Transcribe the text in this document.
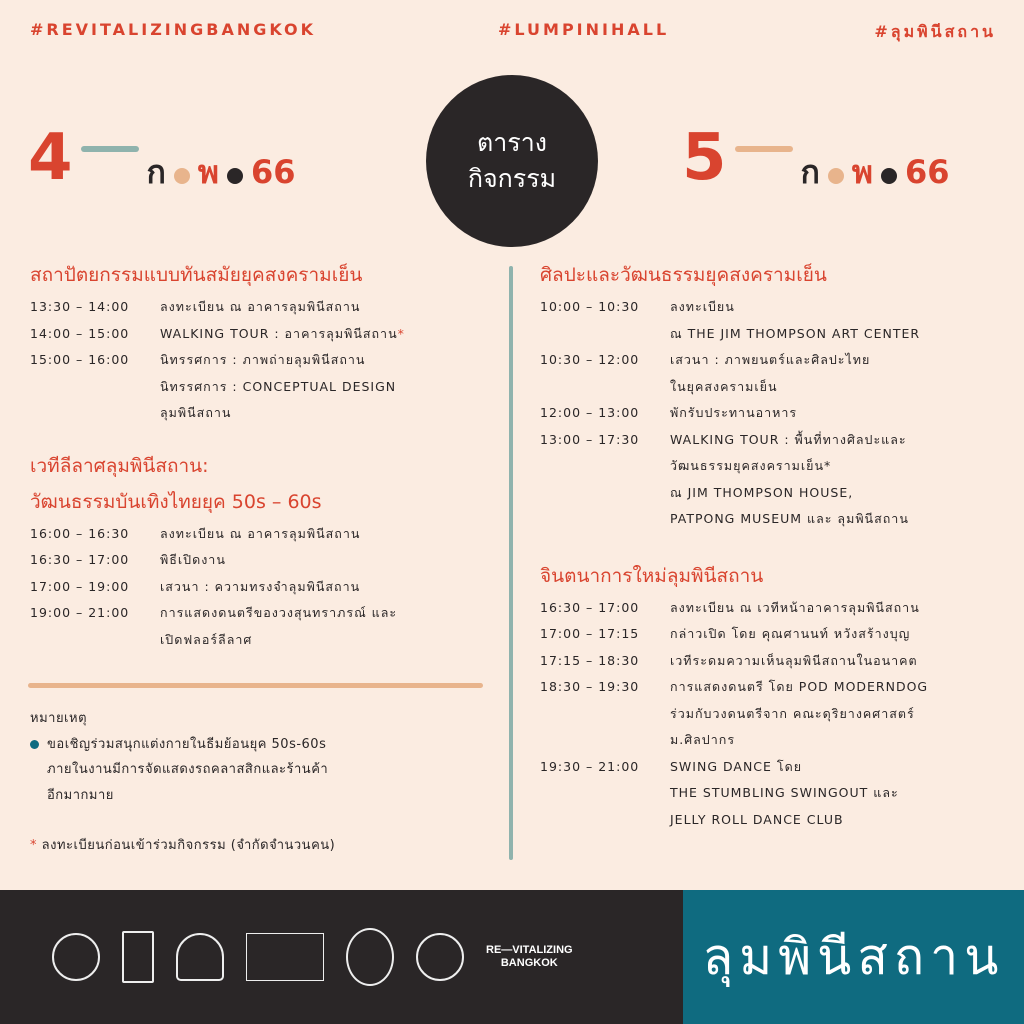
#REVITALIZINGBANGKOK	#LUMPINIHALL	#ลุมพินีสถาน
4 ก พ 66	5 ก พ 66
ตาราง
กิจกรรม
สถาปัตยกรรมแบบทันสมัยยุคสงครามเย็น
13:30 – 14:00	ลงทะเบียน ณ อาคารลุมพินีสถาน
14:00 – 15:00	WALKING TOUR : อาคารลุมพินีสถาน*
15:00 – 16:00	นิทรรศการ : ภาพถ่ายลุมพินีสถาน
นิทรรศการ : CONCEPTUAL DESIGN
ลุมพินีสถาน
เวทีลีลาศลุมพินีสถาน:
วัฒนธรรมบันเทิงไทยยุค 50s – 60s
16:00 – 16:30	ลงทะเบียน ณ อาคารลุมพินีสถาน
16:30 – 17:00	พิธีเปิดงาน
17:00 – 19:00	เสวนา : ความทรงจำลุมพินีสถาน
19:00 – 21:00	การแสดงดนตรีของวงสุนทราภรณ์ และ
เปิดฟลอร์ลีลาศ
ศิลปะและวัฒนธรรมยุคสงครามเย็น
10:00 – 10:30	ลงทะเบียน
ณ THE JIM THOMPSON ART CENTER
10:30 – 12:00	เสวนา : ภาพยนตร์และศิลปะไทย
ในยุคสงครามเย็น
12:00 – 13:00	พักรับประทานอาหาร
13:00 – 17:30	WALKING TOUR : พื้นที่ทางศิลปะและ
วัฒนธรรมยุคสงครามเย็น*
ณ JIM THOMPSON HOUSE,
PATPONG MUSEUM และ ลุมพินีสถาน
จินตนาการใหม่ลุมพินีสถาน
16:30 – 17:00	ลงทะเบียน ณ เวทีหน้าอาคารลุมพินีสถาน
17:00 – 17:15	กล่าวเปิด โดย คุณศานนท์ หวังสร้างบุญ
17:15 – 18:30	เวทีระดมความเห็นลุมพินีสถานในอนาคต
18:30 – 19:30	การแสดงดนตรี โดย POD MODERNDOG
ร่วมกับวงดนตรีจาก คณะดุริยางคศาสตร์
ม.ศิลปากร
19:30 – 21:00	SWING DANCE โดย
THE STUMBLING SWINGOUT และ
JELLY ROLL DANCE CLUB
หมายเหตุ
ขอเชิญร่วมสนุกแต่งกายในธีมย้อนยุค 50s-60s
ภายในงานมีการจัดแสดงรถคลาสสิกและร้านค้า
อีกมากมาย
* ลงทะเบียนก่อนเข้าร่วมกิจกรรม (จำกัดจำนวนคน)
RE—VITALIZING
BANGKOK	ลุมพินีสถาน
